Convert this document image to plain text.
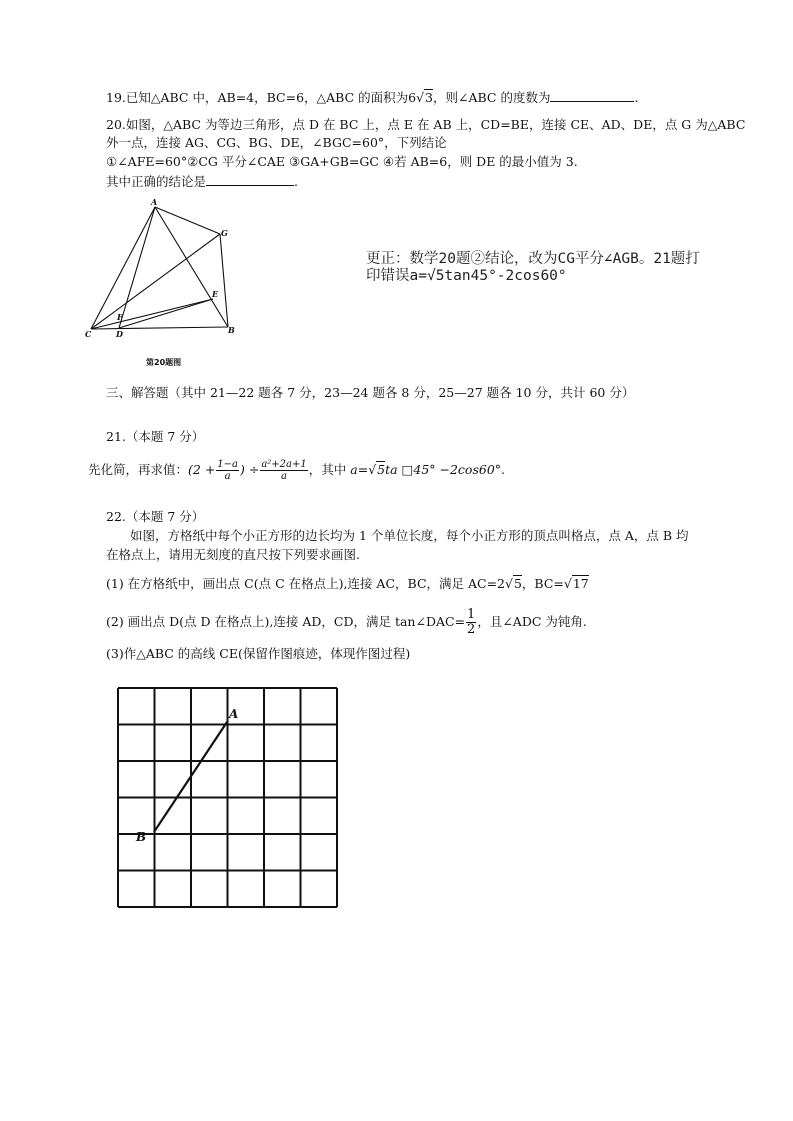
19.已知△ABC 中，AB=4，BC=6，△ABC 的面积为6√3，则∠ABC 的度数为	.
20.如图，△ABC 为等边三角形，点 D 在 BC 上，点 E 在 AB 上，CD=BE，连接 CE、AD、DE，点 G 为△ABC
外一点，连接 AG、CG、BG、DE，∠BGC=60°，下列结论
①∠AFE=60°②CG 平分∠CAE ③GA+GB=GC ④若 AB=6，则 DE 的最小值为 3.
其中正确的结论是	.
A
G
E
F
C	D	B
第20题图
更正：数学20题②结论，改为CG平分∠AGB。21题打
印错误a=√5tan45°-2cos60°
三、解答题（其中 21—22 题各 7 分，23—24 题各 8 分，25—27 题各 10 分，共计 60 分）
21.（本题 7 分）
先化简，再求值：($2 + \frac{1-a}{a}$ ) ÷ $\frac{\text{a²+2a+1}}{a}$ ，其中 a=√5ta □45° −2cos60°.
22.（本题 7 分）
如图，方格纸中每个小正方形的边长均为 1 个单位长度，每个小正方形的顶点叫格点，点 A，点 B 均
在格点上，请用无刻度的直尺按下列要求画图.
(1) 在方格纸中，画出点 C(点 C 在格点上),连接 AC，BC，满足 AC=2√5，BC=√17
(2) 画出点 D(点 D 在格点上),连接 AD，CD，满足 tan∠DAC= $\frac{1}{2}$ ，且∠ADC 为钝角.
(3)作△ABC 的高线 CE(保留作图痕迹，体现作图过程)
A
B
